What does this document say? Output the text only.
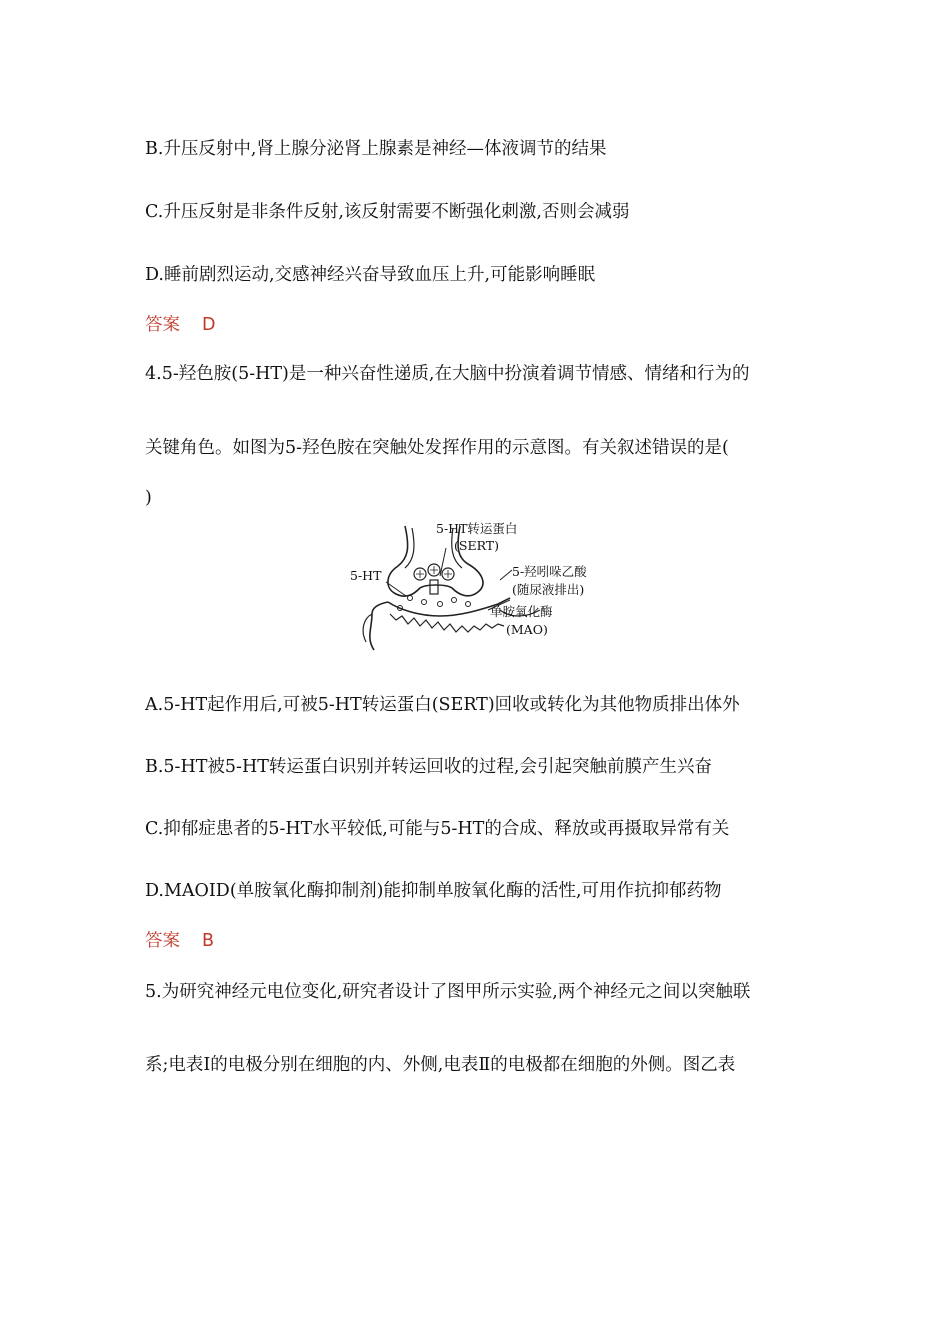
B.升压反射中,肾上腺分泌肾上腺素是神经—体液调节的结果
C.升压反射是非条件反射,该反射需要不断强化刺激,否则会减弱
D.睡前剧烈运动,交感神经兴奋导致血压上升,可能影响睡眠
答案 D
4.5-羟色胺(5-HT)是一种兴奋性递质,在大脑中扮演着调节情感、情绪和行为的
关键角色。如图为5-羟色胺在突触处发挥作用的示意图。有关叙述错误的是(
)
5-HT转运蛋白
(SERT)
5-HT	5-羟吲哚乙酸
(随尿液排出)
单胺氧化酶
(MAO)
A.5-HT起作用后,可被5-HT转运蛋白(SERT)回收或转化为其他物质排出体外
B.5-HT被5-HT转运蛋白识别并转运回收的过程,会引起突触前膜产生兴奋
C.抑郁症患者的5-HT水平较低,可能与5-HT的合成、释放或再摄取异常有关
D.MAOID(单胺氧化酶抑制剂)能抑制单胺氧化酶的活性,可用作抗抑郁药物
答案 B
5.为研究神经元电位变化,研究者设计了图甲所示实验,两个神经元之间以突触联
系;电表Ⅰ的电极分别在细胞的内、外侧,电表Ⅱ的电极都在细胞的外侧。图乙表
